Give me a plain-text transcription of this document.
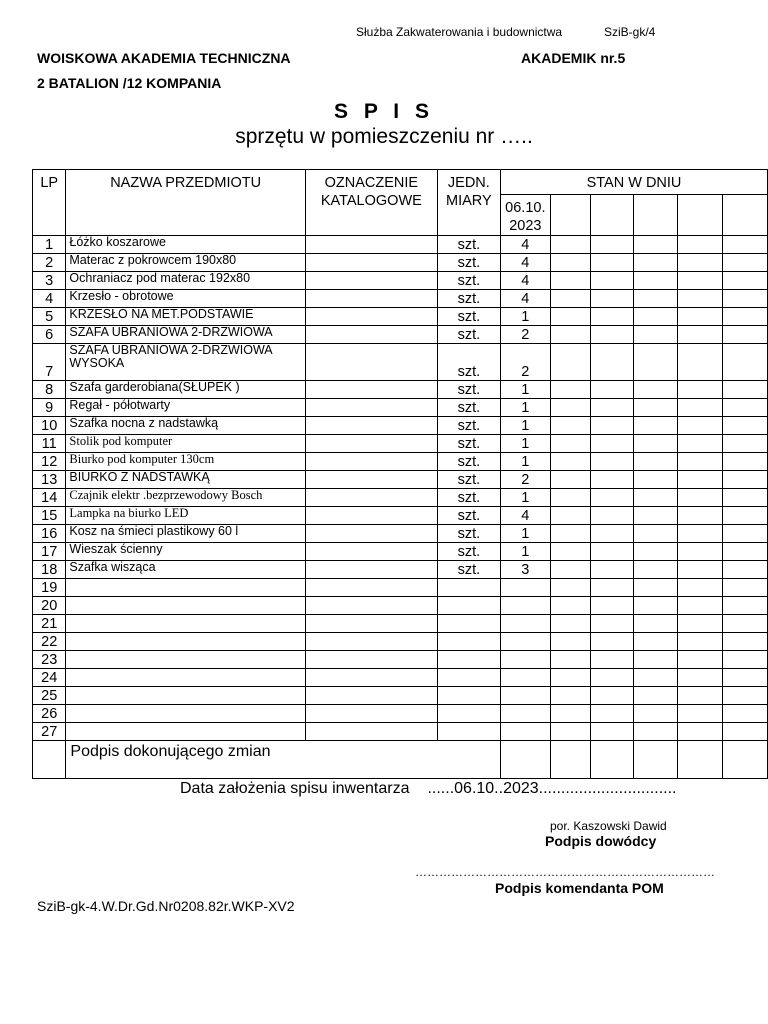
Służba Zakwaterowania i budownictwa	SziB-gk/4
WOISKOWA AKADEMIA TECHNICZNA	AKADEMIK nr.5
2 BATALION /12 KOMPANIA
S P I S
sprzętu w pomieszczeniu nr …..
LP	NAZWA PRZEDMIOTU	OZNACZENIE KATALOGOWE	JEDN. MIARY	STAN W DNIU					
				06.10. 2023					
1	Łóżko koszarowe		szt.	4					
2	Materac z pokrowcem 190x80		szt.	4					
3	Ochraniacz pod materac 192x80		szt.	4					
4	Krzesło - obrotowe		szt.	4					
5	KRZESŁO NA MET.PODSTAWIE		szt.	1					
6	SZAFA UBRANIOWA 2-DRZWIOWA		szt.	2					
7	SZAFA UBRANIOWA 2-DRZWIOWA WYSOKA		szt.	2					
8	Szafa garderobiana(SŁUPEK )		szt.	1					
9	Regał - półotwarty		szt.	1					
10	Szafka nocna z nadstawką		szt.	1					
11	Stolik pod komputer		szt.	1					
12	Biurko pod komputer 130cm		szt.	1					
13	BIURKO Z NADSTAWKĄ		szt.	2					
14	Czajnik elektr .bezprzewodowy Bosch		szt.	1					
15	Lampka na biurko LED		szt.	4					
16	Kosz na śmieci plastikowy 60 l		szt.	1					
17	Wieszak ścienny		szt.	1					
18	Szafka wisząca		szt.	3					
19									
20									
21									
22									
23									
24									
25									
26									
27									
	Podpis dokonującego zmian								
Data założenia spisu inwentarza ......06.10..2023...............................
por. Kaszowski Dawid
Podpis dowódcy
…………………………………………………………………
Podpis komendanta POM
SziB-gk-4.W.Dr.Gd.Nr0208.82r.WKP-XV2
